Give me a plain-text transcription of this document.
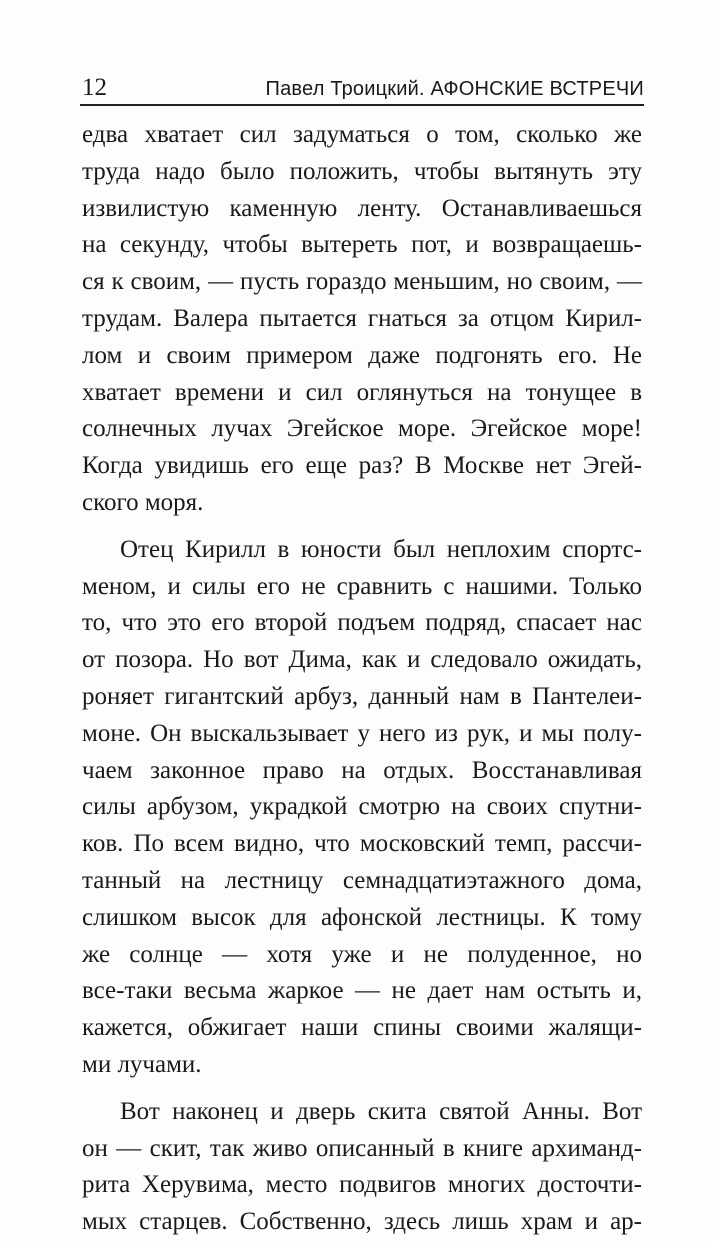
12	Павел Троицкий. АФОНСКИЕ ВСТРЕЧИ
едва хватает сил задуматься о том, сколько же
труда надо было положить, чтобы вытянуть эту
извилистую каменную ленту. Останавливаешься
на секунду, чтобы вытереть пот, и возвращаешь-
ся к своим, — пусть гораздо меньшим, но своим, —
трудам. Валера пытается гнаться за отцом Кирил-
лом и своим примером даже подгонять его. Не
хватает времени и сил оглянуться на тонущее в
солнечных лучах Эгейское море. Эгейское море!
Когда увидишь его еще раз? В Москве нет Эгей-
ского моря.
Отец Кирилл в юности был неплохим спортс-
меном, и силы его не сравнить с нашими. Только
то, что это его второй подъем подряд, спасает нас
от позора. Но вот Дима, как и следовало ожидать,
роняет гигантский арбуз, данный нам в Пантелеи-
моне. Он выскальзывает у него из рук, и мы полу-
чаем законное право на отдых. Восстанавливая
силы арбузом, украдкой смотрю на своих спутни-
ков. По всем видно, что московский темп, рассчи-
танный на лестницу семнадцатиэтажного дома,
слишком высок для афонской лестницы. К тому
же солнце — хотя уже и не полуденное, но
все-таки весьма жаркое — не дает нам остыть и,
кажется, обжигает наши спины своими жалящи-
ми лучами.
Вот наконец и дверь скита святой Анны. Вот
он — скит, так живо описанный в книге архиманд-
рита Херувима, место подвигов многих досточти-
мых старцев. Собственно, здесь лишь храм и ар-
